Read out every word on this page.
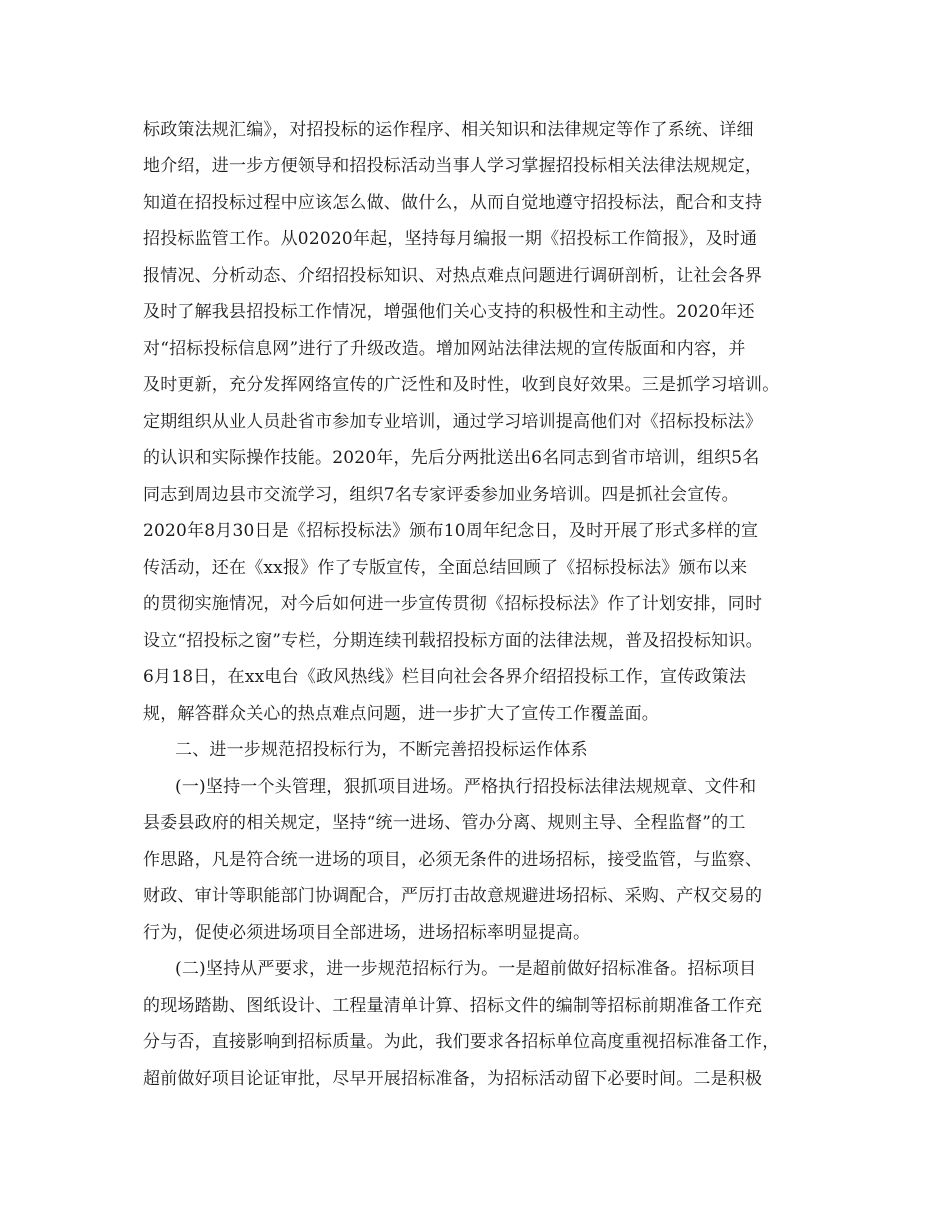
标政策法规汇编》，对招投标的运作程序、相关知识和法律规定等作了系统、详细
地介绍，进一步方便领导和招投标活动当事人学习掌握招投标相关法律法规规定，
知道在招投标过程中应该怎么做、做什么，从而自觉地遵守招投标法，配合和支持
招投标监管工作。从02020年起，坚持每月编报一期《招投标工作简报》，及时通
报情况、分析动态、介绍招投标知识、对热点难点问题进行调研剖析，让社会各界
及时了解我县招投标工作情况，增强他们关心支持的积极性和主动性。2020年还
对“招标投标信息网”进行了升级改造。增加网站法律法规的宣传版面和内容，并
及时更新，充分发挥网络宣传的广泛性和及时性，收到良好效果。三是抓学习培训。
定期组织从业人员赴省市参加专业培训，通过学习培训提高他们对《招标投标法》
的认识和实际操作技能。2020年，先后分两批送出6名同志到省市培训，组织5名
同志到周边县市交流学习，组织7名专家评委参加业务培训。四是抓社会宣传。
2020年8月30日是《招标投标法》颁布10周年纪念日，及时开展了形式多样的宣
传活动，还在《xx报》作了专版宣传，全面总结回顾了《招标投标法》颁布以来
的贯彻实施情况，对今后如何进一步宣传贯彻《招标投标法》作了计划安排，同时
设立“招投标之窗”专栏，分期连续刊载招投标方面的法律法规，普及招投标知识。
6月18日，在xx电台《政风热线》栏目向社会各界介绍招投标工作，宣传政策法
规，解答群众关心的热点难点问题，进一步扩大了宣传工作覆盖面。
二、进一步规范招投标行为，不断完善招投标运作体系
(一)坚持一个头管理，狠抓项目进场。严格执行招投标法律法规规章、文件和
县委县政府的相关规定，坚持“统一进场、管办分离、规则主导、全程监督”的工
作思路，凡是符合统一进场的项目，必须无条件的进场招标，接受监管，与监察、
财政、审计等职能部门协调配合，严厉打击故意规避进场招标、采购、产权交易的
行为，促使必须进场项目全部进场，进场招标率明显提高。
(二)坚持从严要求，进一步规范招标行为。一是超前做好招标准备。招标项目
的现场踏勘、图纸设计、工程量清单计算、招标文件的编制等招标前期准备工作充
分与否，直接影响到招标质量。为此，我们要求各招标单位高度重视招标准备工作，
超前做好项目论证审批，尽早开展招标准备，为招标活动留下必要时间。二是积极
